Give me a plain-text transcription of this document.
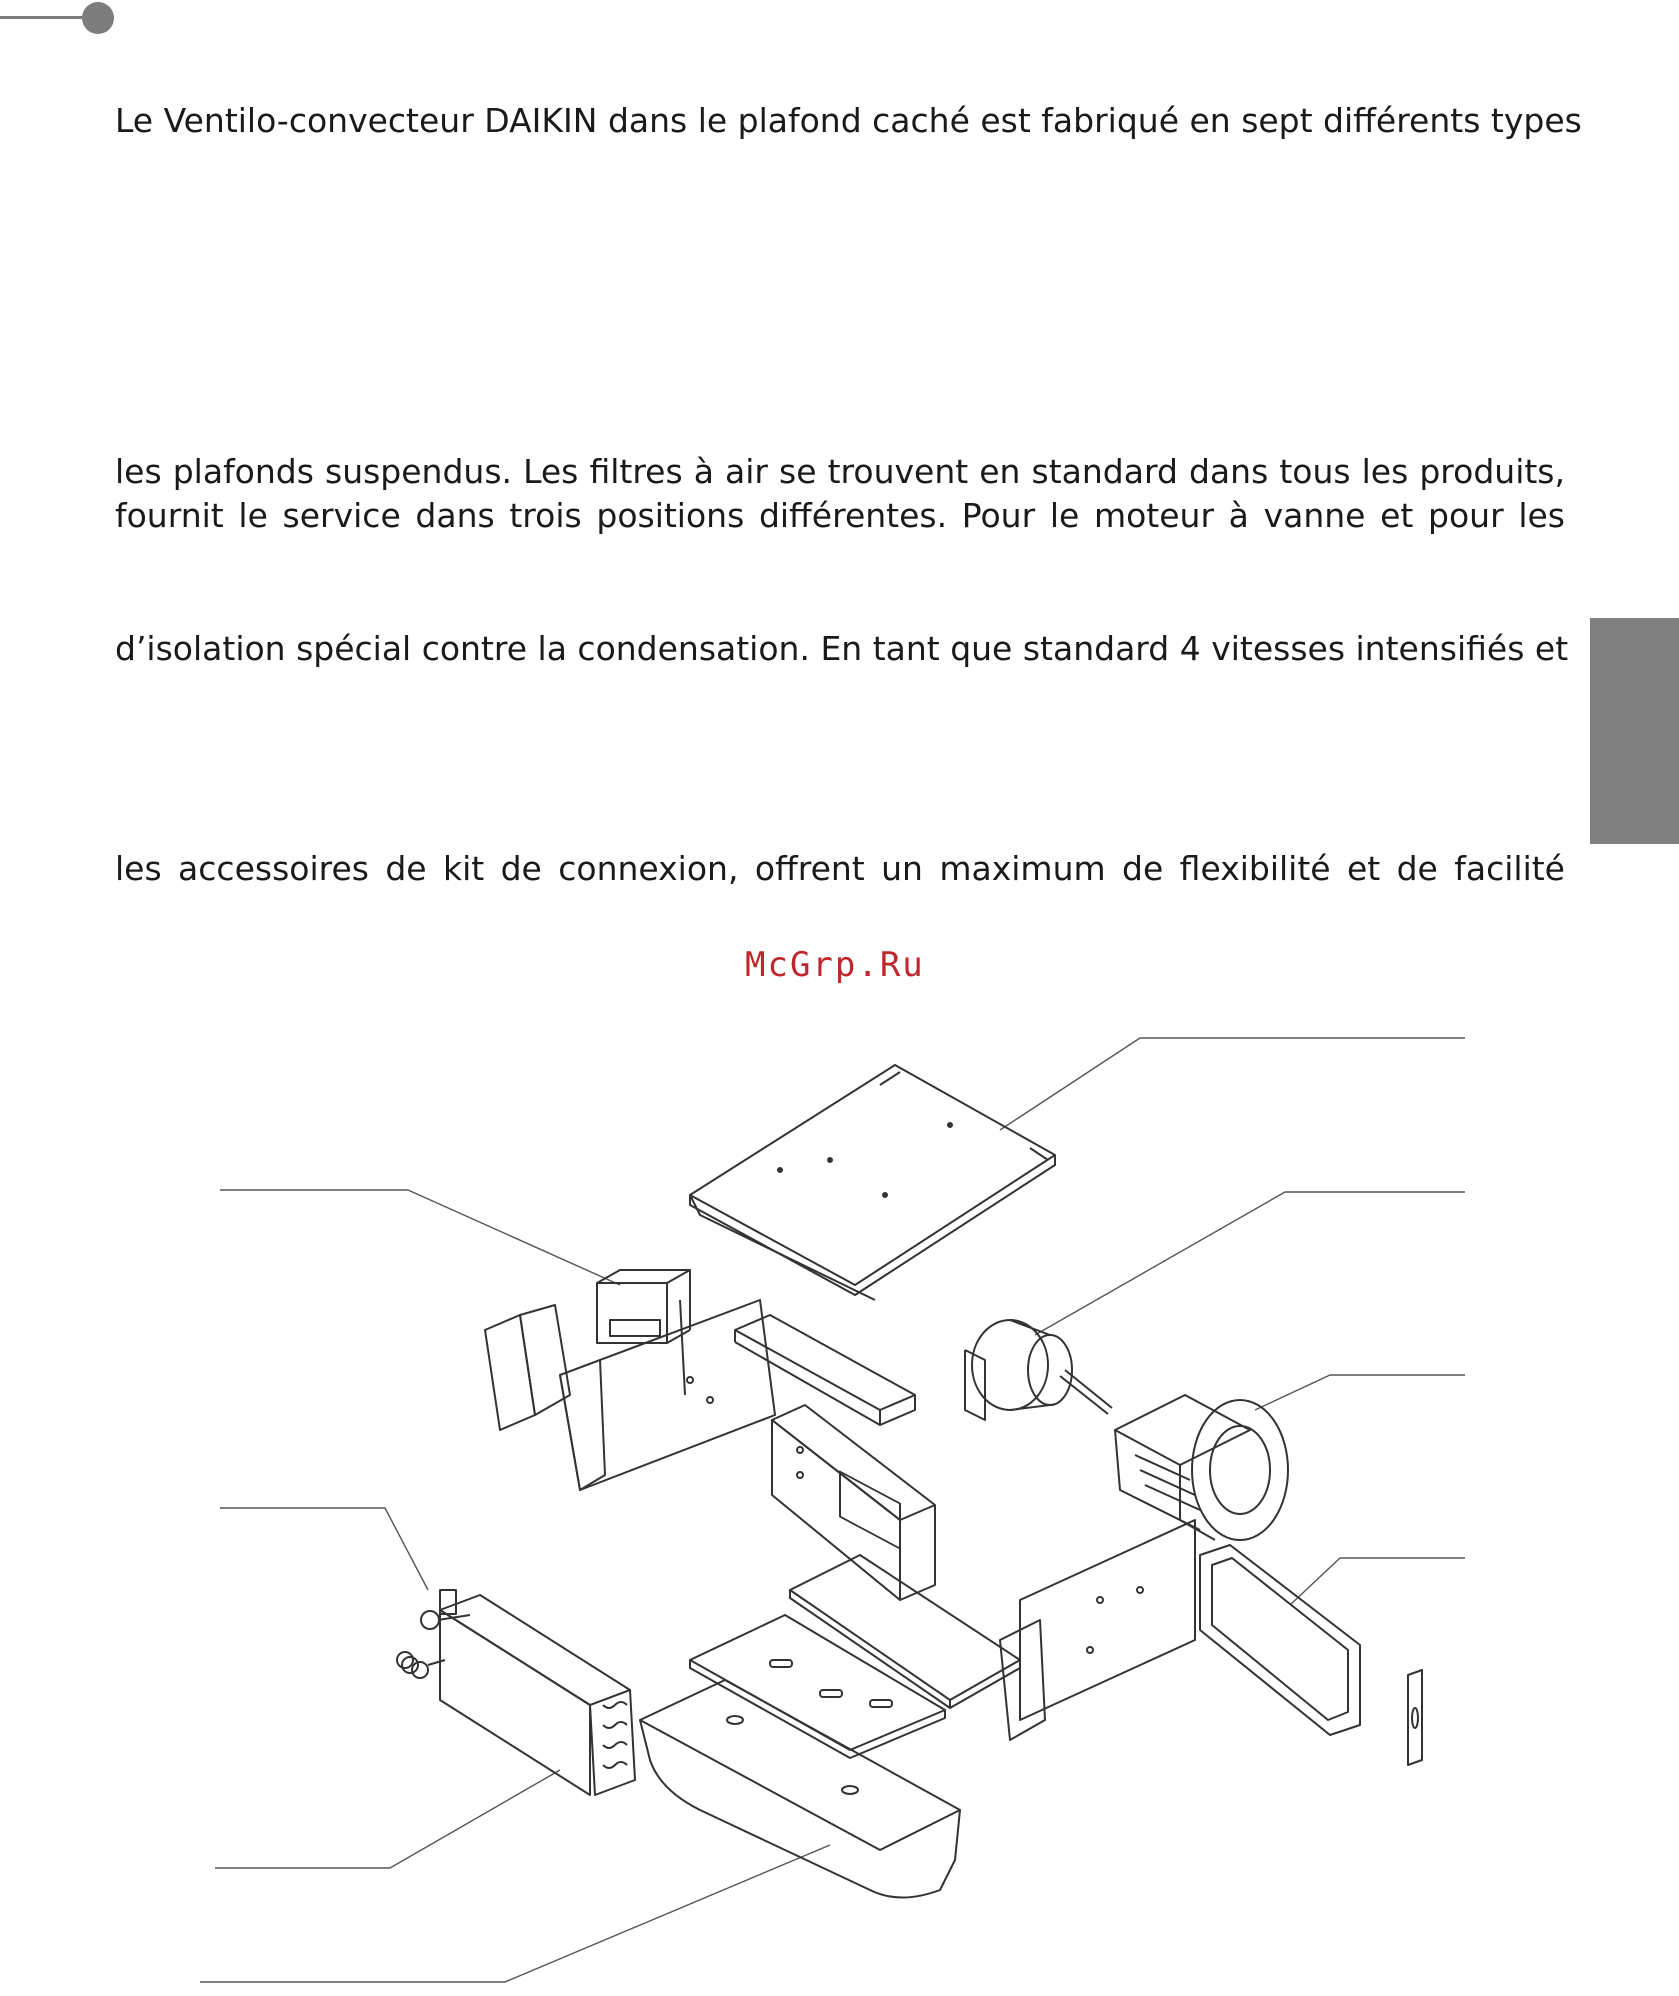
Le Ventilo-convecteur DAIKIN dans le plafond caché est fabriqué en sept différents types

les plafonds suspendus. Les filtres à air se trouvent en standard dans tous les produits,

fournit le service dans trois positions différentes. Pour le moteur à vanne et pour les

d’isolation spécial contre la condensation. En tant que standard 4 vitesses intensifiés et

les accessoires de kit de connexion, offrent un maximum de flexibilité et de facilité

McGrp.Ru
